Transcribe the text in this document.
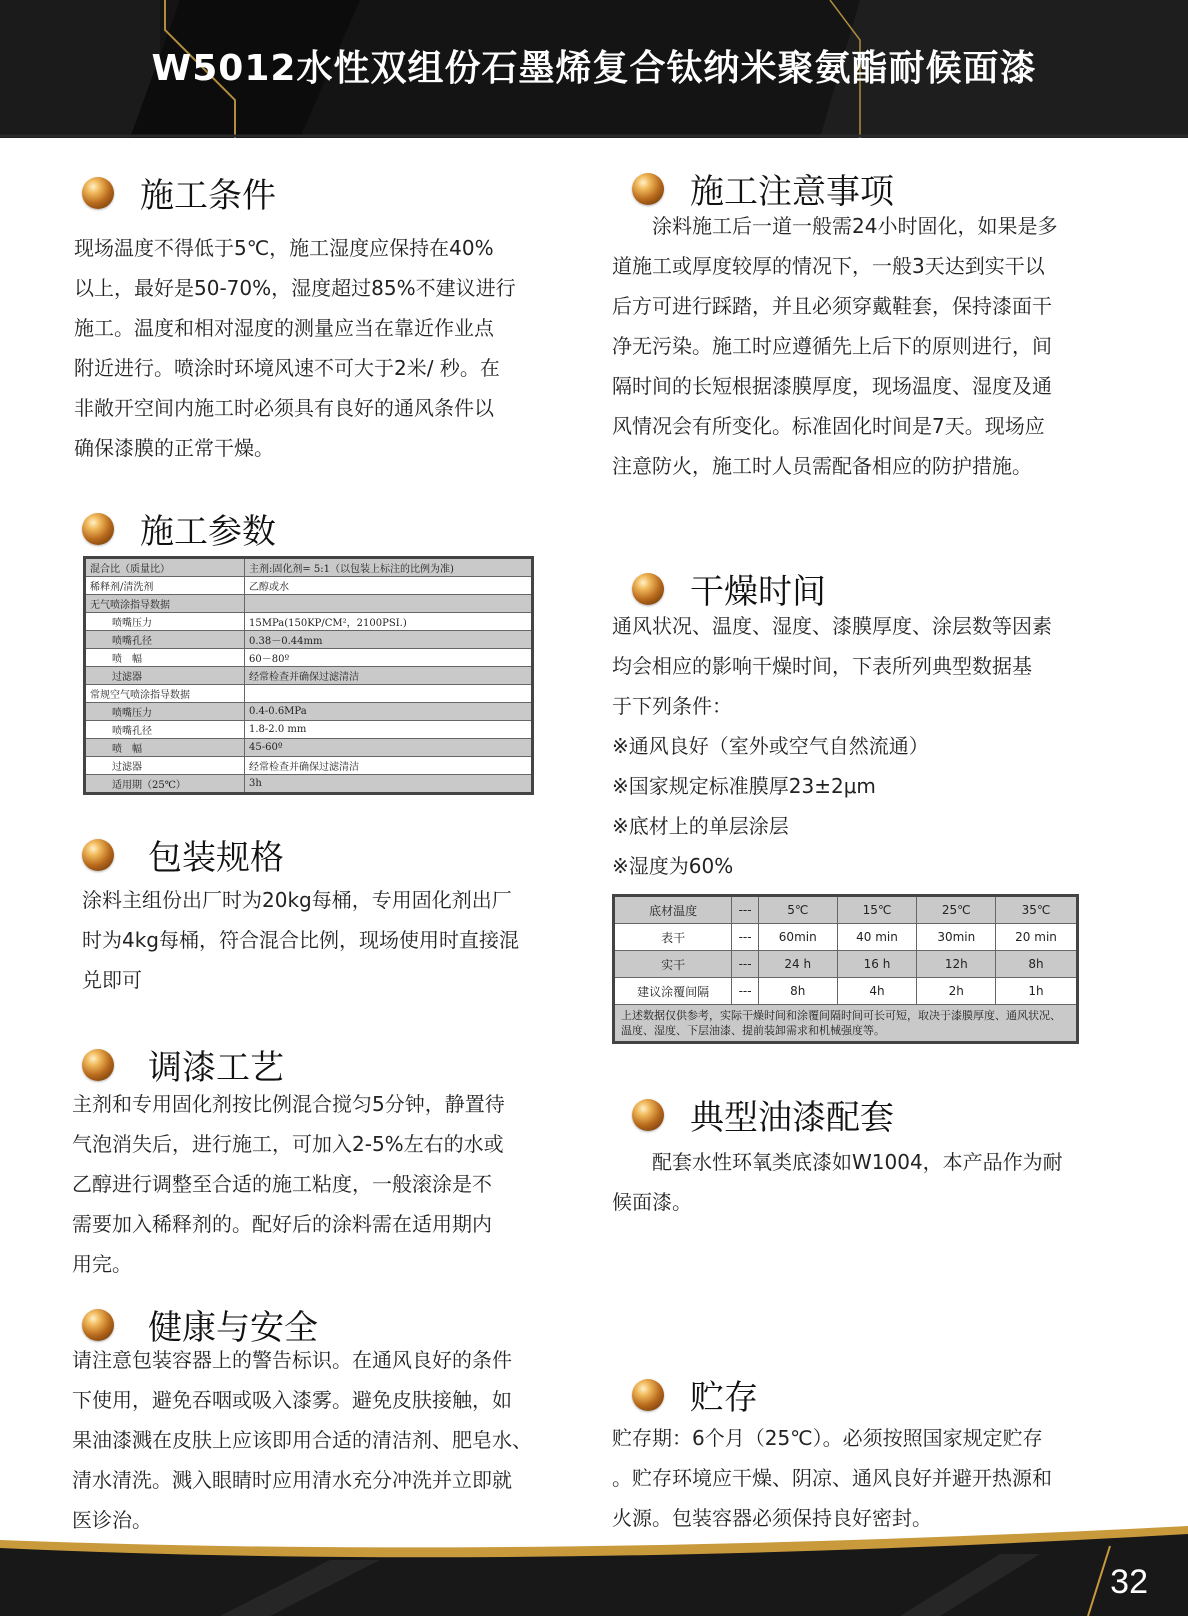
W5012水性双组份石墨烯复合钛纳米聚氨酯耐候面漆
施工条件
现场温度不得低于5℃，施工湿度应保持在40%
以上，最好是50-70%，湿度超过85%不建议进行
施工。温度和相对湿度的测量应当在靠近作业点
附近进行。喷涂时环境风速不可大于2米/ 秒。在
非敞开空间内施工时必须具有良好的通风条件以
确保漆膜的正常干燥。
施工参数
混合比（质量比）	主剂:固化剂= 5:1（以包装上标注的比例为准)
稀释剂/清洗剂	乙醇或水
无气喷涂指导数据	
喷嘴压力	15MPa(150KP/CM²，2100PSI.)
喷嘴孔径	0.38－0.44mm
喷　幅	60－80º
过滤器	经常检查并确保过滤清洁
常规空气喷涂指导数据	
喷嘴压力	0.4-0.6MPa
喷嘴孔径	1.8-2.0 mm
喷　幅	45-60º
过滤器	经常检查并确保过滤清洁
适用期（25℃）	3h
包装规格
涂料主组份出厂时为20kg每桶，专用固化剂出厂
时为4kg每桶，符合混合比例，现场使用时直接混
兑即可
调漆工艺
主剂和专用固化剂按比例混合搅匀5分钟，静置待
气泡消失后，进行施工，可加入2-5%左右的水或
乙醇进行调整至合适的施工粘度，一般滚涂是不
需要加入稀释剂的。配好后的涂料需在适用期内
用完。
健康与安全
请注意包装容器上的警告标识。在通风良好的条件
下使用，避免吞咽或吸入漆雾。避免皮肤接触，如
果油漆溅在皮肤上应该即用合适的清洁剂、肥皂水、
清水清洗。溅入眼睛时应用清水充分冲洗并立即就
医诊治。
施工注意事项
涂料施工后一道一般需24小时固化，如果是多
道施工或厚度较厚的情况下，一般3天达到实干以
后方可进行踩踏，并且必须穿戴鞋套，保持漆面干
净无污染。施工时应遵循先上后下的原则进行，间
隔时间的长短根据漆膜厚度，现场温度、湿度及通
风情况会有所变化。标准固化时间是7天。现场应
注意防火，施工时人员需配备相应的防护措施。
干燥时间
通风状况、温度、湿度、漆膜厚度、涂层数等因素
均会相应的影响干燥时间，下表所列典型数据基
于下列条件：
※通风良好（室外或空气自然流通）
※国家规定标准膜厚23±2μm
※底材上的单层涂层
※湿度为60%
底材温度	---	5℃	15℃	25℃	35℃
表干	---	60min	40 min	30min	20 min
实干	---	24 h	16 h	12h	8h
建议涂覆间隔	---	8h	4h	2h	1h
上述数据仅供参考，实际干燥时间和涂覆间隔时间可长可短，取决于漆膜厚度、通风状况、温度、湿度、下层油漆、提前装卸需求和机械强度等。					
典型油漆配套
配套水性环氧类底漆如W1004，本产品作为耐
候面漆。
贮存
贮存期：6个月（25℃）。必须按照国家规定贮存
。贮存环境应干燥、阴凉、通风良好并避开热源和
火源。包装容器必须保持良好密封。
32
